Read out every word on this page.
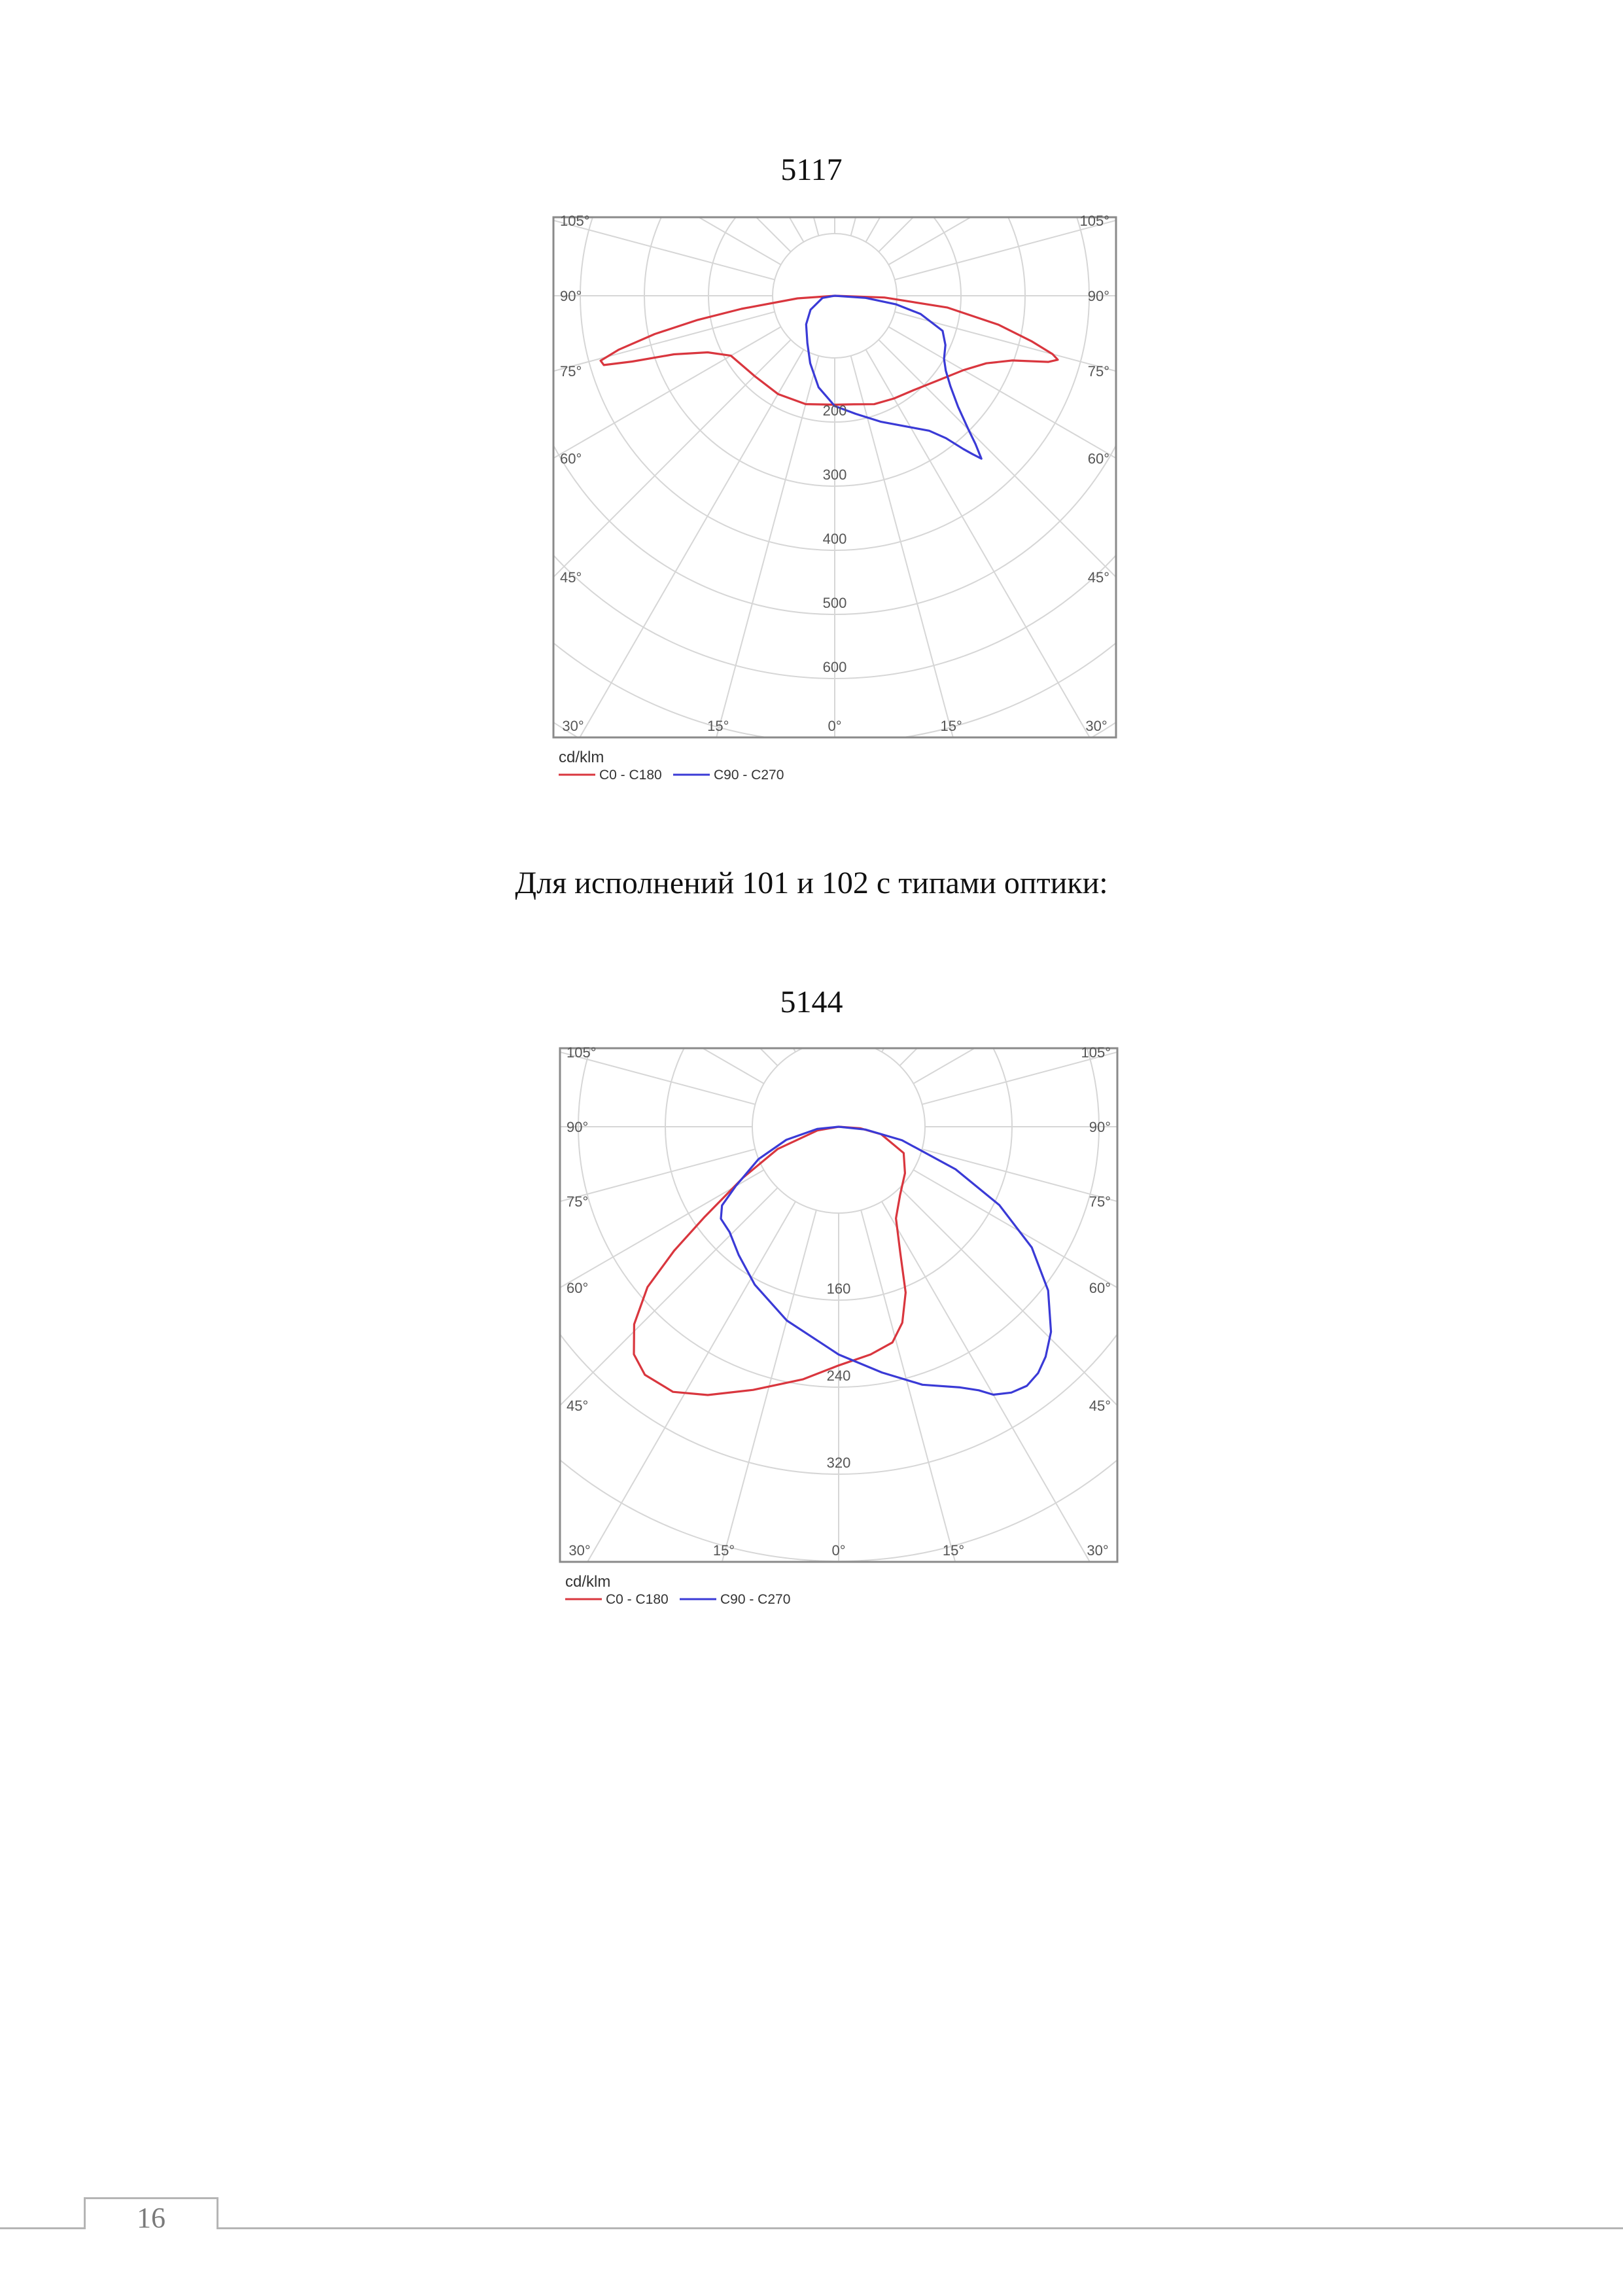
5117
200
300
400
500
600
105°	105°
90°	90°
75°	75°
60°	60°
45°	45°
30°	15°	0°	15°	30°
cd/klm
C0 - C180	C90 - C270
Для исполнений 101 и 102 с типами оптики:
5144
160
240
320
105°	105°
90°	90°
75°	75°
60°	60°
45°	45°
30°	15°	0°	15°	30°
cd/klm
C0 - C180	C90 - C270
16
